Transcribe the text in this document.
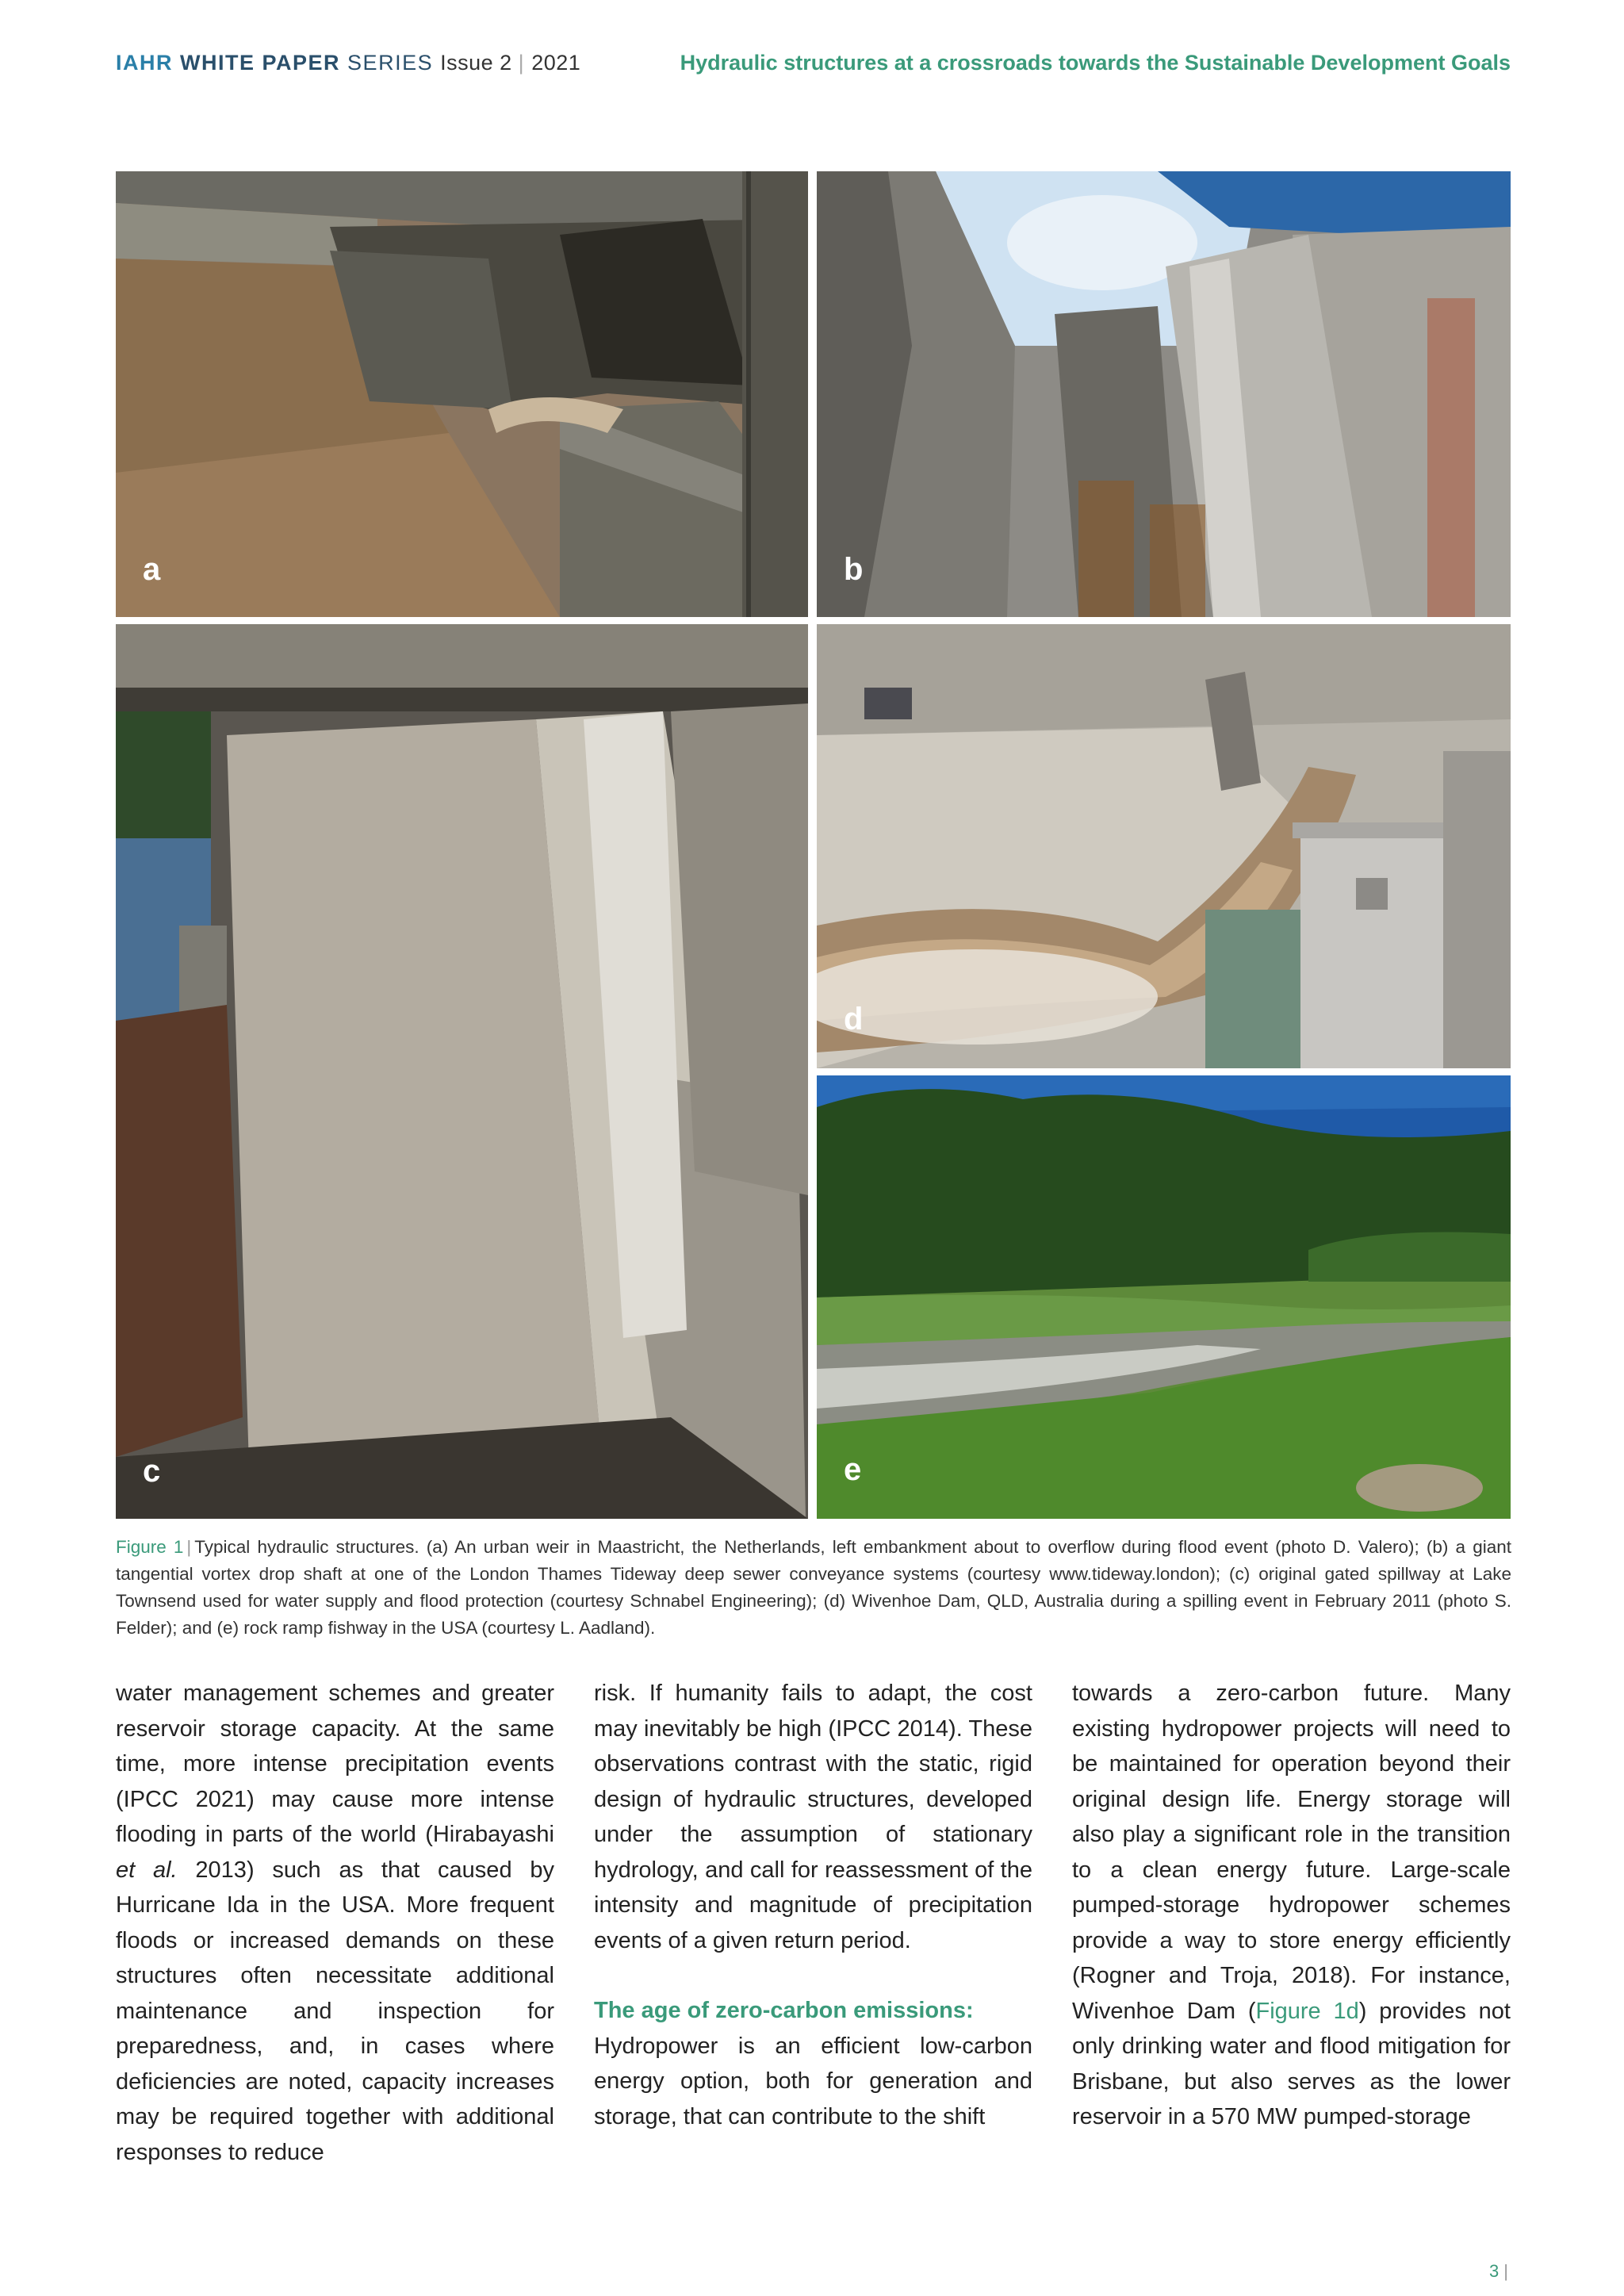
IAHR WHITE PAPER SERIES Issue 2 | 2021	Hydraulic structures at a crossroads towards the Sustainable Development Goals
a	b
c
d
e
Figure 1 | Typical hydraulic structures. (a) An urban weir in Maastricht, the Netherlands, left embankment about to overflow during flood event (photo D. Valero); (b) a giant tangential vortex drop shaft at one of the London Thames Tideway deep sewer conveyance systems (courtesy www.tideway.london); (c) original gated spillway at Lake Townsend used for water supply and flood protection (courtesy Schnabel Engineering); (d) Wivenhoe Dam, QLD, Australia during a spilling event in February 2011 (photo S. Felder); and (e) rock ramp fishway in the USA (courtesy L. Aadland).

water management schemes and greater reservoir storage capacity. At the same time, more intense precipitation events (IPCC 2021) may cause more intense flooding in parts of the world (Hirabayashi et al. 2013) such as that caused by Hurricane Ida in the USA. More frequent floods or increased demands on these structures often necessitate additional maintenance and inspection for preparedness, and, in cases where deficiencies are noted, capacity increases may be required together with additional responses to reduce

risk. If humanity fails to adapt, the cost may inevitably be high (IPCC 2014). These observations contrast with the static, rigid design of hydraulic structures, developed under the assumption of stationary hydrology, and call for reassessment of the intensity and magnitude of precipitation events of a given return period.

The age of zero-carbon emissions:

Hydropower is an efficient low-carbon energy option, both for generation and storage, that can contribute to the shift

towards a zero-carbon future. Many existing hydropower projects will need to be maintained for operation beyond their original design life. Energy storage will also play a significant role in the transition to a clean energy future. Large-scale pumped-storage hydropower schemes provide a way to store energy efficiently (Rogner and Troja, 2018). For instance, Wivenhoe Dam (Figure 1d) provides not only drinking water and flood mitigation for Brisbane, but also serves as the lower reservoir in a 570 MW pumped-storage

3 |
